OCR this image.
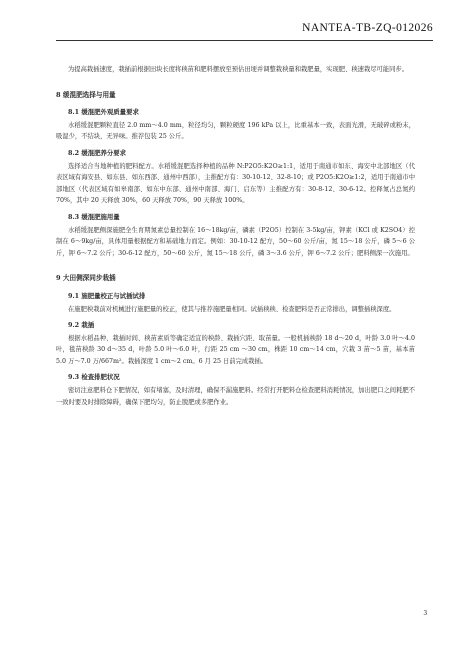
NANTEA-TB-ZQ-012026

为提高栽插速度，栽插前根据田块长度将秧苗和肥料摆放至预估田埂并调整栽秧量和栽肥量，实现肥、秧速栽尽可能同步。

8 缓混肥选择与用量
8.1 缓混肥外观质量要求

水稻缓混肥颗粒直径 2.0 mm～4.0 mm，粒径均匀，颗粒硬度 196 kPa 以上，比重基本一致，表面光滑，无破碎或粉末，吸湿少，不结块，无异味。推荐包装 25 公斤。

8.2 缓混肥养分要求

选择适合当地种植的肥料配方。水稻缓混肥选择种植的品种 N:P2O5:K2O≥1:1，适用于南通市如东、海安中北部地区（代表区域有海安县、如东县、如东西部、通州中西部），主推配方有：30-10-12、32-8-10；或 P2O5:K2O≥1:2，适用于南通市中部地区（代表区域有如皋南部、如东中东部、通州中南部、海门、启东等）主推配方有：30-8-12、30-6-12。控释氮占总氮约 70%，其中 20 天释放 30%，60 天释放 70%，90 天释放 100%。

8.3 缓混肥施用量

水稻缓混肥侧深施肥全生育期氮素总量控制在 16～18kg/亩，磷素（P2O5）控制在 3-5kg/亩，钾素（KCl 或 K2SO4）控制在 6～9kg/亩，具体用量根据配方和基础地力而定。例如：30-10-12 配方，50～60 公斤/亩，氮 15～18 公斤，磷 5～6 公斤，钾 6～7.2 公斤；30-6-12 配方，50～60 公斤，氮 15～18 公斤，磷 3～3.6 公斤，钾 6～7.2 公斤；肥料侧深一次施用。

9 大田侧深同步栽插
9.1 施肥量校正与试插试排

在施肥秧栽前对机械进行施肥量的校正，使其与推荐施肥量相同。试插秧秧、检查肥料是否正常排出，调整插秧深度。

9.2 栽插

根据水稻品种、栽插时间、秧苗素质等确定适宜的秧龄、栽插穴距、取苗量。一般机插秧龄 18 d～20 d，叶龄 3.0 叶～4.0 叶，毯苗秧龄 30 d～35 d，叶龄 5.0 叶～6.0 叶，行距 25 cm ～30 cm，株距 10 cm～14 cm，穴栽 3 苗～5 苗，基本苗 5.0 万～7.0 万/667m²。栽插深度 1 cm～2 cm。6 月 25 日前完成栽插。

9.3 检查排肥状况

密切注意肥料仓下肥情况，如有堵塞，及时清理，确保不漏施肥料。经常打开肥料仓检查肥料消耗情况，加出肥口之间耗肥不一致时要及时排除障碍，确保下肥均匀，防止脱肥或多肥作业。

3
